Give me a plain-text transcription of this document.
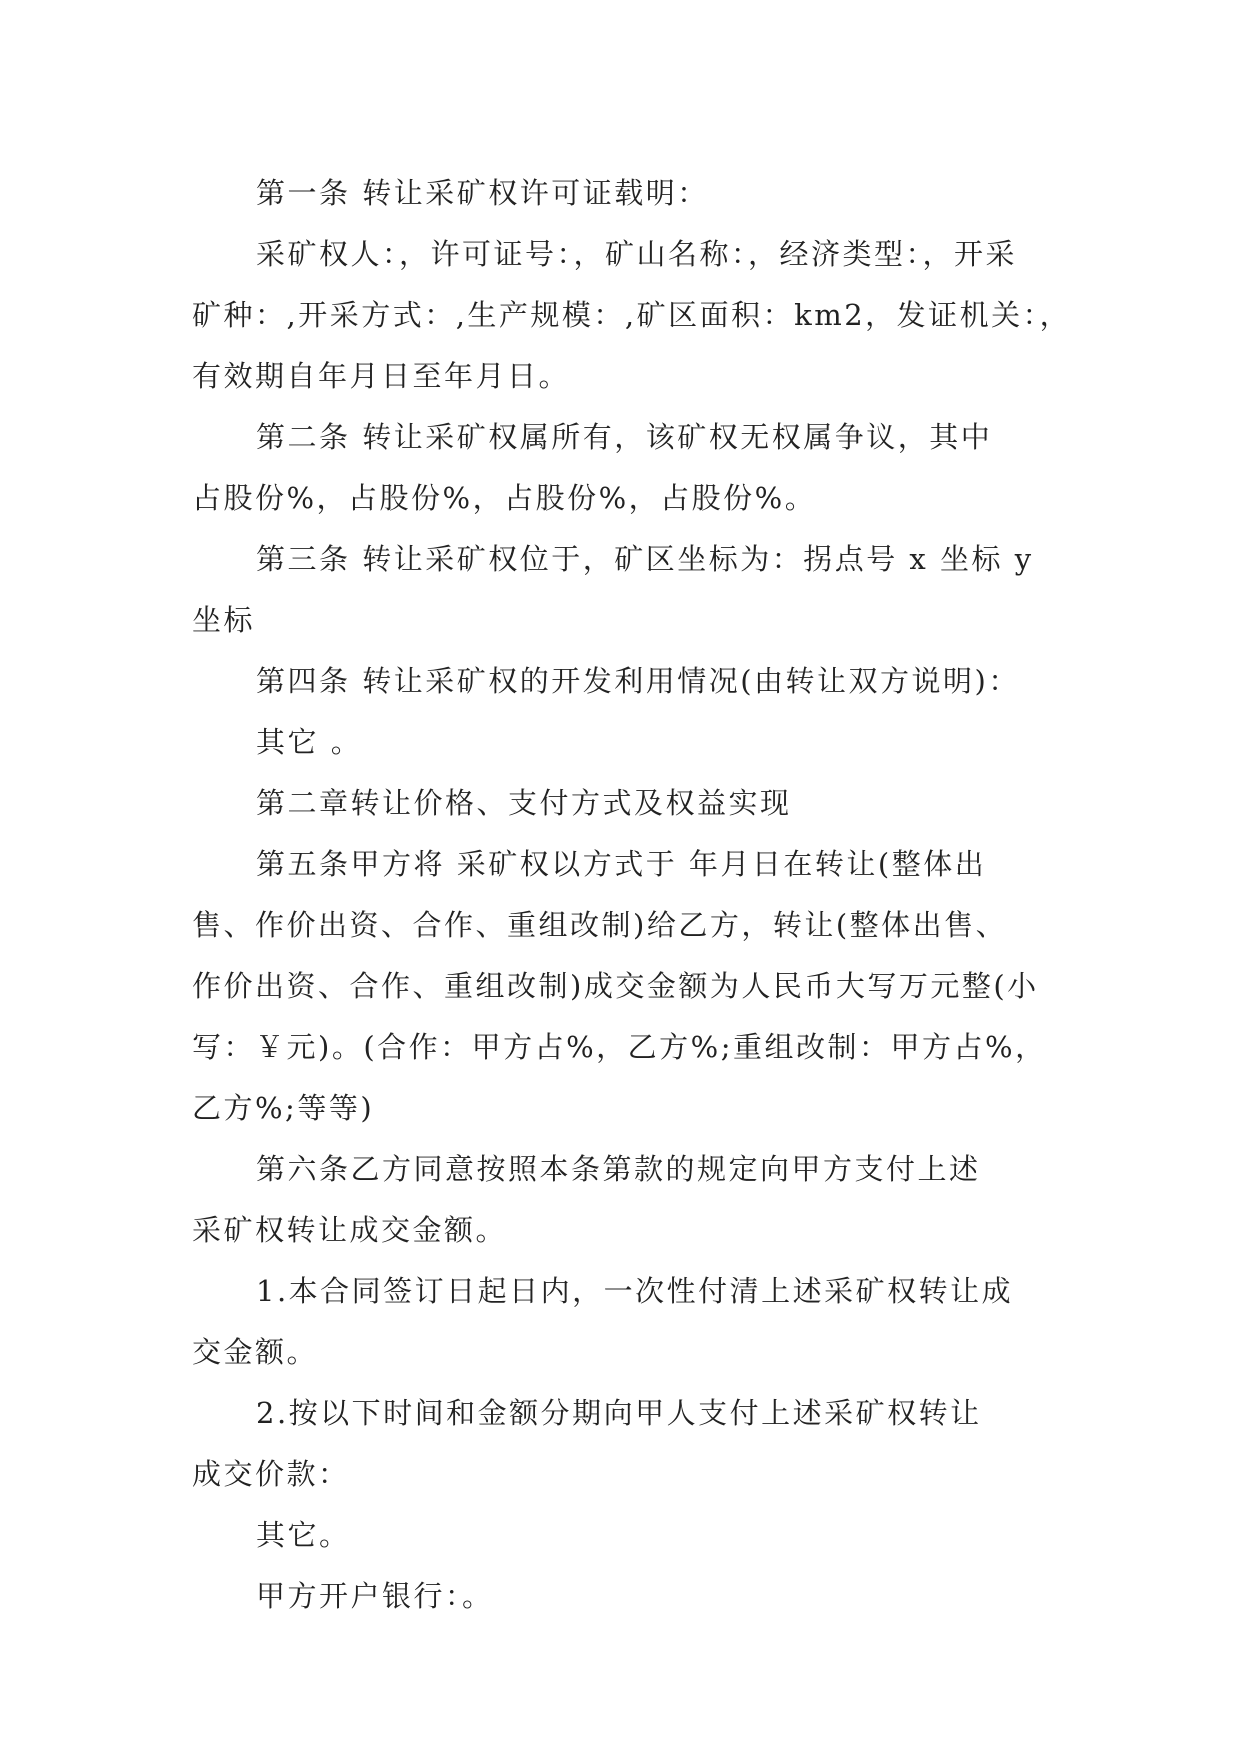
第一条 转让采矿权许可证载明：

采矿权人：，许可证号：，矿山名称：，经济类型：，开采
矿种：,开采方式：,生产规模：,矿区面积：km2，发证机关：，
有效期自年月日至年月日。

第二条 转让采矿权属所有，该矿权无权属争议，其中
占股份%，占股份%，占股份%，占股份%。

第三条 转让采矿权位于，矿区坐标为：拐点号 x 坐标 y
坐标

第四条 转让采矿权的开发利用情况(由转让双方说明)：

其它 。

第二章转让价格、支付方式及权益实现

第五条甲方将 采矿权以方式于 年月日在转让(整体出
售、作价出资、合作、重组改制)给乙方，转让(整体出售、
作价出资、合作、重组改制)成交金额为人民币大写万元整(小
写：￥元)。(合作：甲方占%，乙方%;重组改制：甲方占%，
乙方%;等等)

第六条乙方同意按照本条第款的规定向甲方支付上述
采矿权转让成交金额。

1.本合同签订日起日内，一次性付清上述采矿权转让成
交金额。

2.按以下时间和金额分期向甲人支付上述采矿权转让
成交价款：

其它。

甲方开户银行：。
